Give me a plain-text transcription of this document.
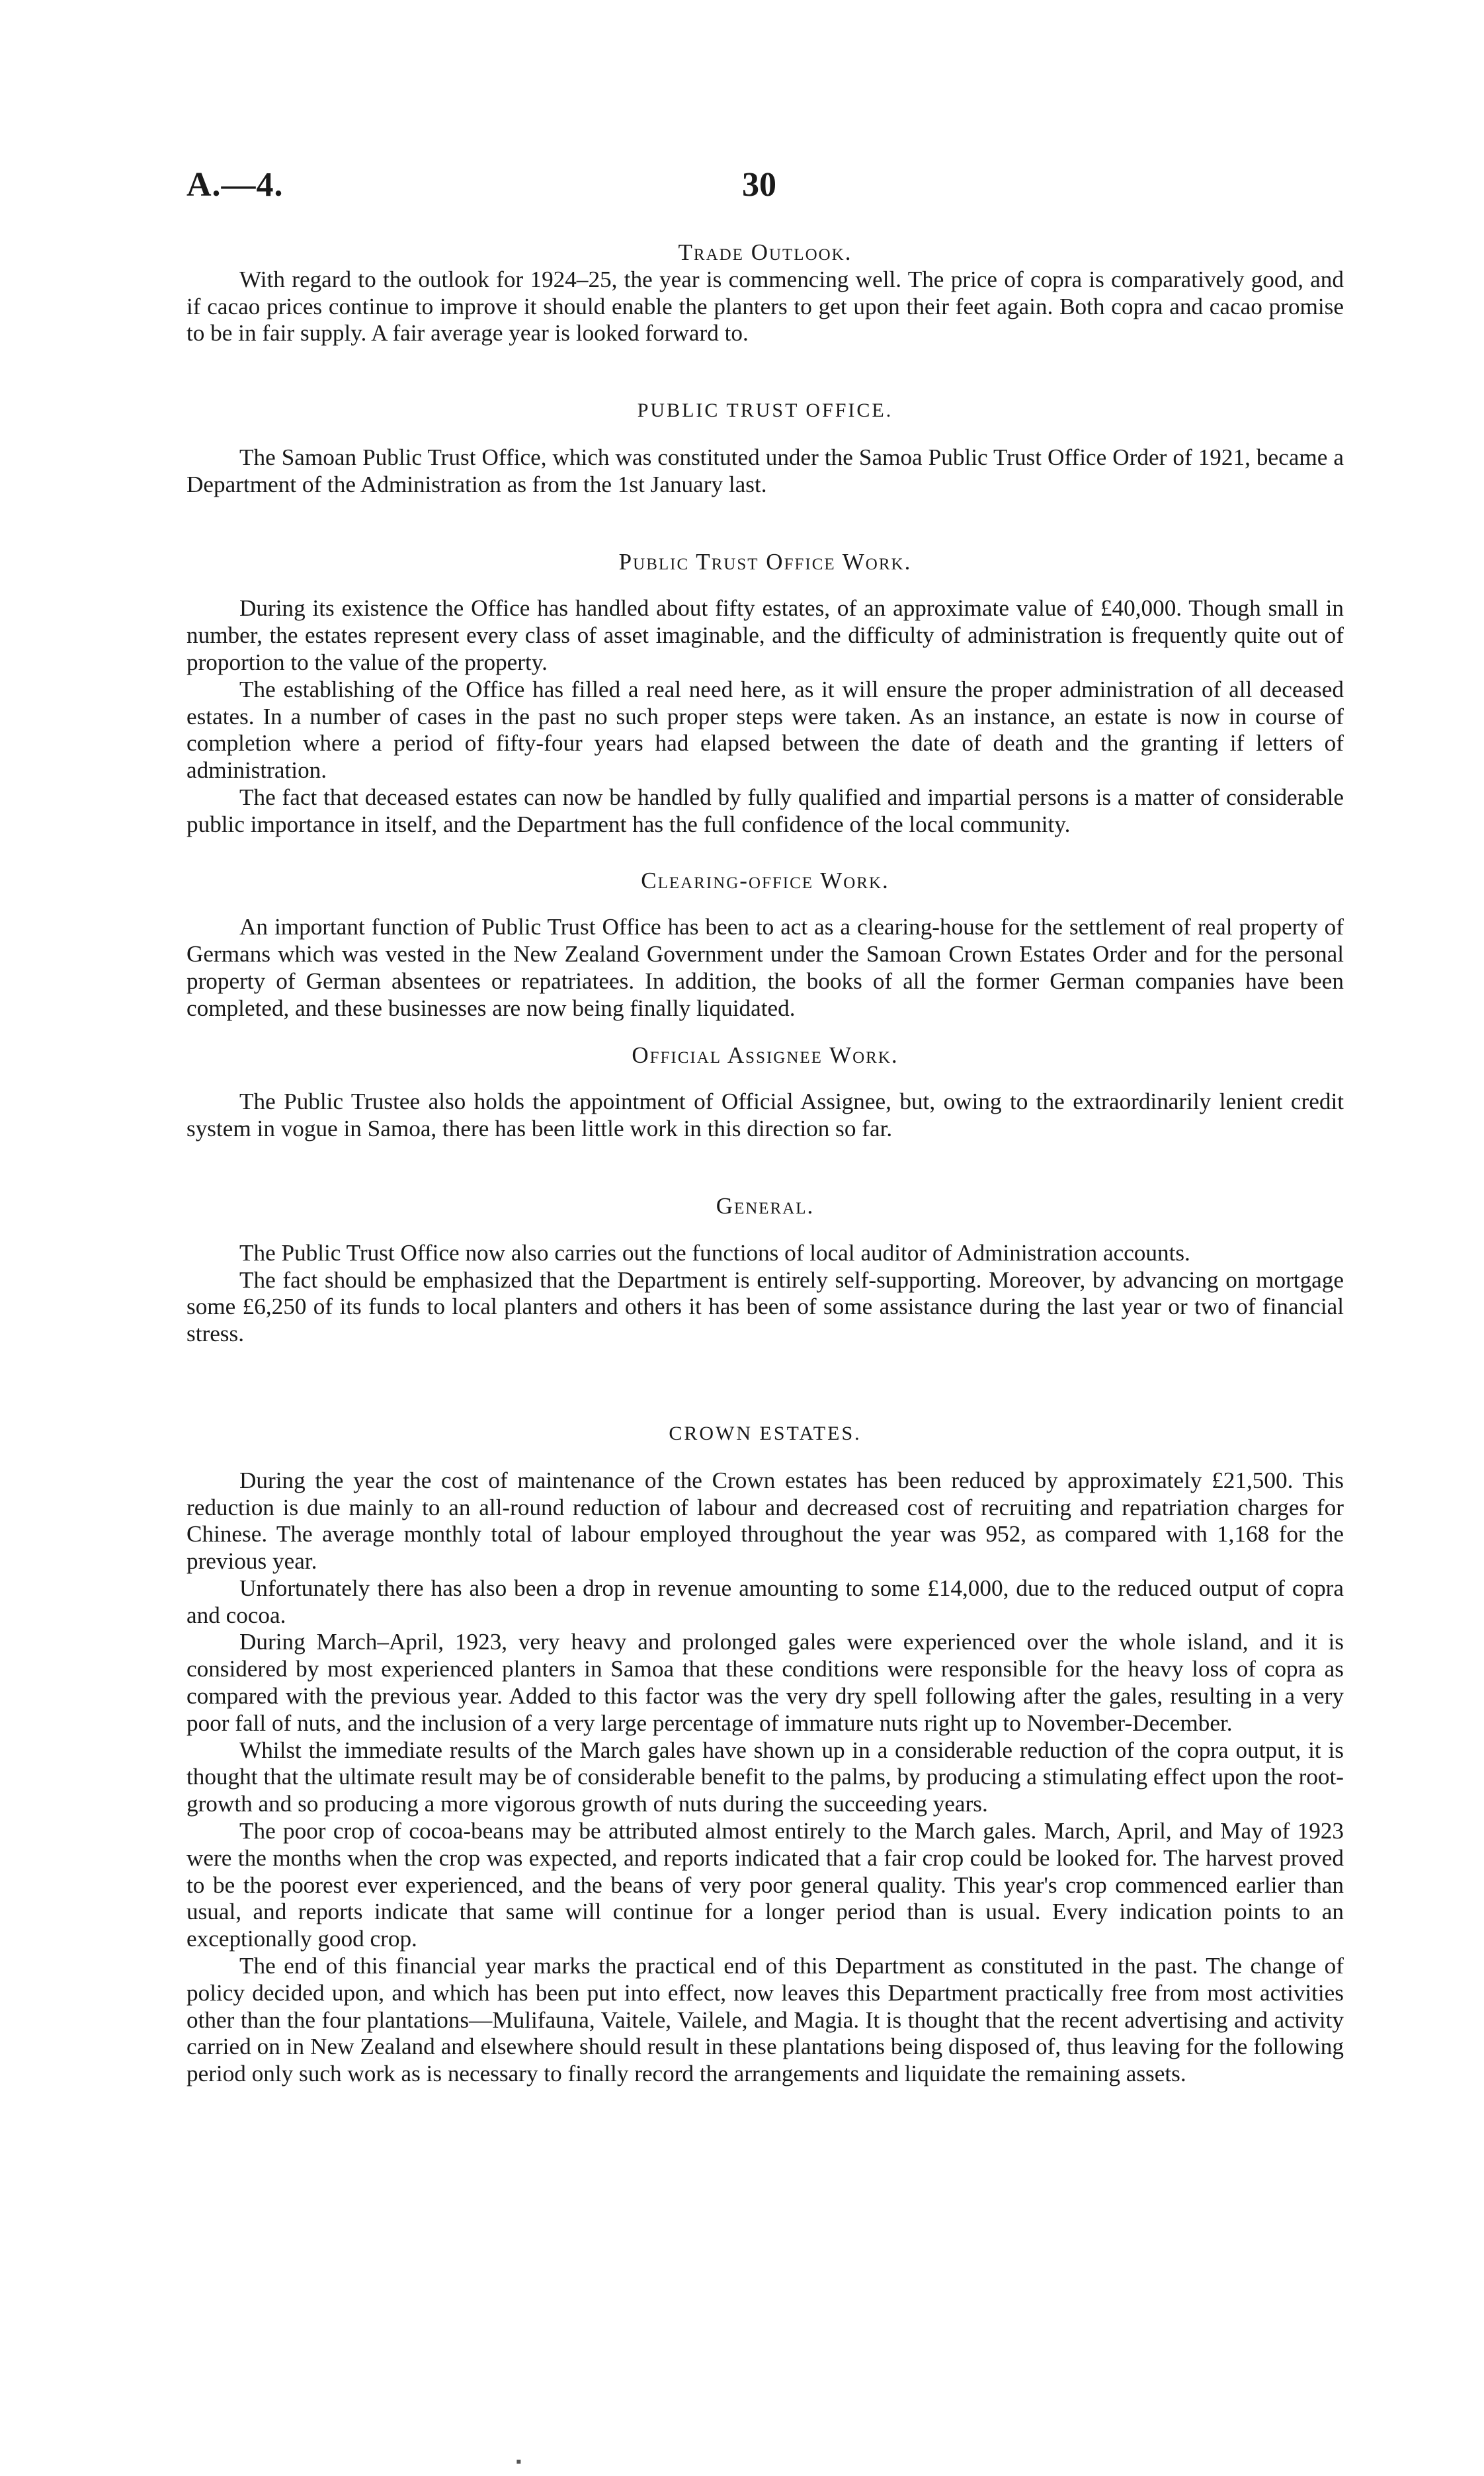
A.—4.	30
Trade Outlook.

With regard to the outlook for 1924–25, the year is commencing well. The price of copra is comparatively good, and if cacao prices continue to improve it should enable the planters to get upon their feet again. Both copra and cacao promise to be in fair supply. A fair average year is looked forward to.

PUBLIC TRUST OFFICE.

The Samoan Public Trust Office, which was constituted under the Samoa Public Trust Office Order of 1921, became a Department of the Administration as from the 1st January last.

Public Trust Office Work.

During its existence the Office has handled about fifty estates, of an approximate value of £40,000. Though small in number, the estates represent every class of asset imaginable, and the difficulty of administration is frequently quite out of proportion to the value of the property.

The establishing of the Office has filled a real need here, as it will ensure the proper administration of all deceased estates. In a number of cases in the past no such proper steps were taken. As an instance, an estate is now in course of completion where a period of fifty-four years had elapsed between the date of death and the granting if letters of administration.

The fact that deceased estates can now be handled by fully qualified and impartial persons is a matter of considerable public importance in itself, and the Department has the full confidence of the local community.

Clearing-office Work.

An important function of Public Trust Office has been to act as a clearing-house for the settlement of real property of Germans which was vested in the New Zealand Government under the Samoan Crown Estates Order and for the personal property of German absentees or repatriatees. In addition, the books of all the former German companies have been completed, and these businesses are now being finally liquidated.

Official Assignee Work.

The Public Trustee also holds the appointment of Official Assignee, but, owing to the extraordinarily lenient credit system in vogue in Samoa, there has been little work in this direction so far.

General.

The Public Trust Office now also carries out the functions of local auditor of Administration accounts.

The fact should be emphasized that the Department is entirely self-supporting. Moreover, by advancing on mortgage some £6,250 of its funds to local planters and others it has been of some assistance during the last year or two of financial stress.

CROWN ESTATES.

During the year the cost of maintenance of the Crown estates has been reduced by approximately £21,500. This reduction is due mainly to an all-round reduction of labour and decreased cost of recruiting and repatriation charges for Chinese. The average monthly total of labour employed throughout the year was 952, as compared with 1,168 for the previous year.

Unfortunately there has also been a drop in revenue amounting to some £14,000, due to the reduced output of copra and cocoa.

During March–April, 1923, very heavy and prolonged gales were experienced over the whole island, and it is considered by most experienced planters in Samoa that these conditions were responsible for the heavy loss of copra as compared with the previous year. Added to this factor was the very dry spell following after the gales, resulting in a very poor fall of nuts, and the inclusion of a very large percentage of immature nuts right up to November-December.

Whilst the immediate results of the March gales have shown up in a considerable reduction of the copra output, it is thought that the ultimate result may be of considerable benefit to the palms, by producing a stimulating effect upon the root-growth and so producing a more vigorous growth of nuts during the succeeding years.

The poor crop of cocoa-beans may be attributed almost entirely to the March gales. March, April, and May of 1923 were the months when the crop was expected, and reports indicated that a fair crop could be looked for. The harvest proved to be the poorest ever experienced, and the beans of very poor general quality. This year's crop commenced earlier than usual, and reports indicate that same will continue for a longer period than is usual. Every indication points to an exceptionally good crop.

The end of this financial year marks the practical end of this Department as constituted in the past. The change of policy decided upon, and which has been put into effect, now leaves this Department practically free from most activities other than the four plantations—Mulifauna, Vaitele, Vailele, and Magia. It is thought that the recent advertising and activity carried on in New Zealand and elsewhere should result in these plantations being disposed of, thus leaving for the following period only such work as is necessary to finally record the arrangements and liquidate the remaining assets.

▪
